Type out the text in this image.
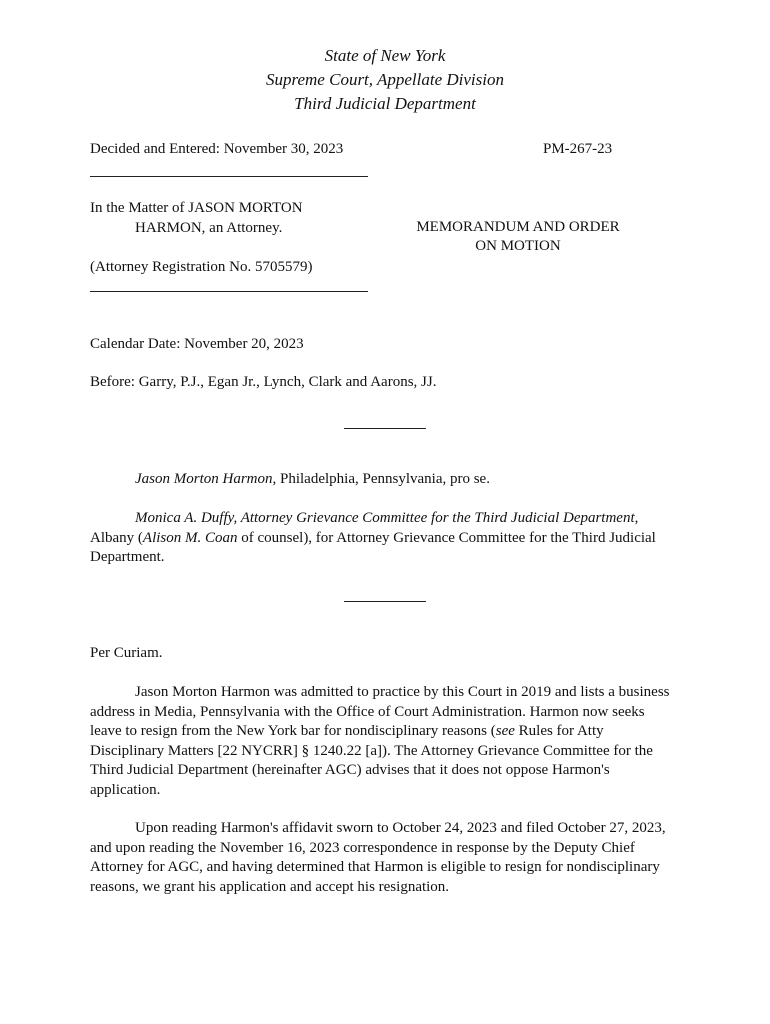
State of New York
Supreme Court, Appellate Division
Third Judicial Department
Decided and Entered: November 30, 2023	PM-267-23
In the Matter of JASON MORTON
HARMON, an Attorney.
(Attorney Registration No. 5705579)
MEMORANDUM AND ORDER
ON MOTION
Calendar Date: November 20, 2023
Before: Garry, P.J., Egan Jr., Lynch, Clark and Aarons, JJ.
Jason Morton Harmon, Philadelphia, Pennsylvania, pro se.
Monica A. Duffy, Attorney Grievance Committee for the Third Judicial Department, Albany (Alison M. Coan of counsel), for Attorney Grievance Committee for the Third Judicial Department.
Per Curiam.
Jason Morton Harmon was admitted to practice by this Court in 2019 and lists a business address in Media, Pennsylvania with the Office of Court Administration. Harmon now seeks leave to resign from the New York bar for nondisciplinary reasons (see Rules for Atty Disciplinary Matters [22 NYCRR] § 1240.22 [a]). The Attorney Grievance Committee for the Third Judicial Department (hereinafter AGC) advises that it does not oppose Harmon's application.
Upon reading Harmon's affidavit sworn to October 24, 2023 and filed October 27, 2023, and upon reading the November 16, 2023 correspondence in response by the Deputy Chief Attorney for AGC, and having determined that Harmon is eligible to resign for nondisciplinary reasons, we grant his application and accept his resignation.
